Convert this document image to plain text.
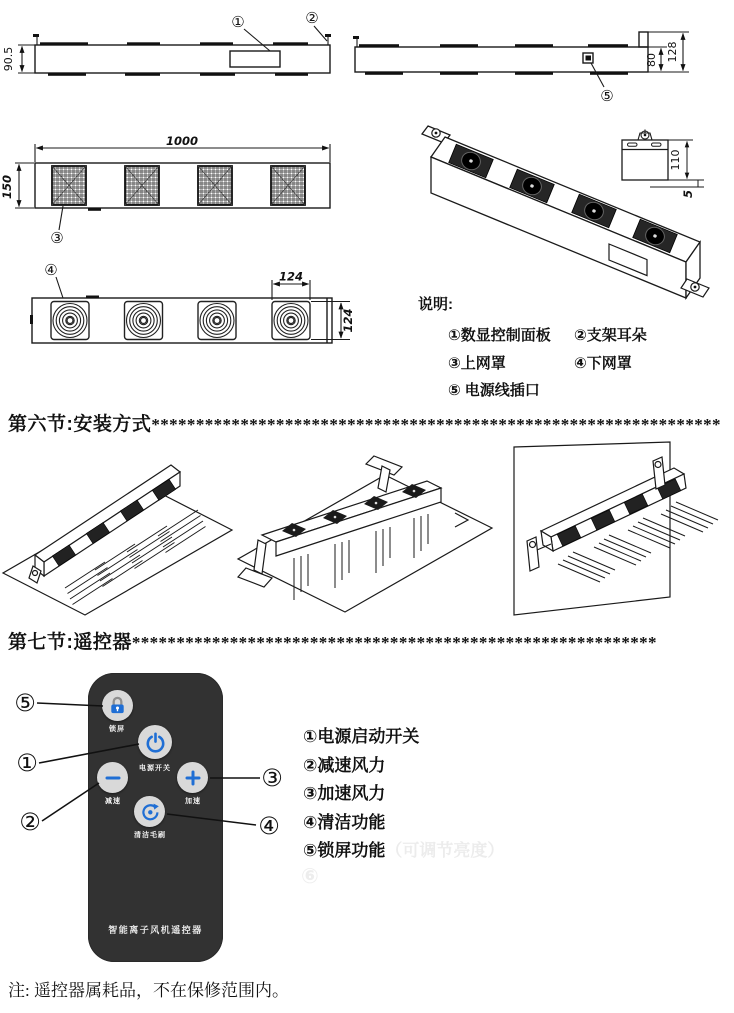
90.5
①	②
80 128
⑤
1000
150
③
124
124
④
110
5
说明:
①数显控制面板	②支架耳朵
③上网罩	④下网罩
⑤ 电源线插口
第六节:安装方式****************************************************************
第七节:遥控器***********************************************************
锁屏
电源开关
减速	加速
清洁毛刷
智能离子风机遥控器
⑤
①
②
③
④
①电源启动开关
②减速风力
③加速风力
④清洁功能
⑤锁屏功能（可调节亮度）
⑥
注: 遥控器属耗品，不在保修范围内。
